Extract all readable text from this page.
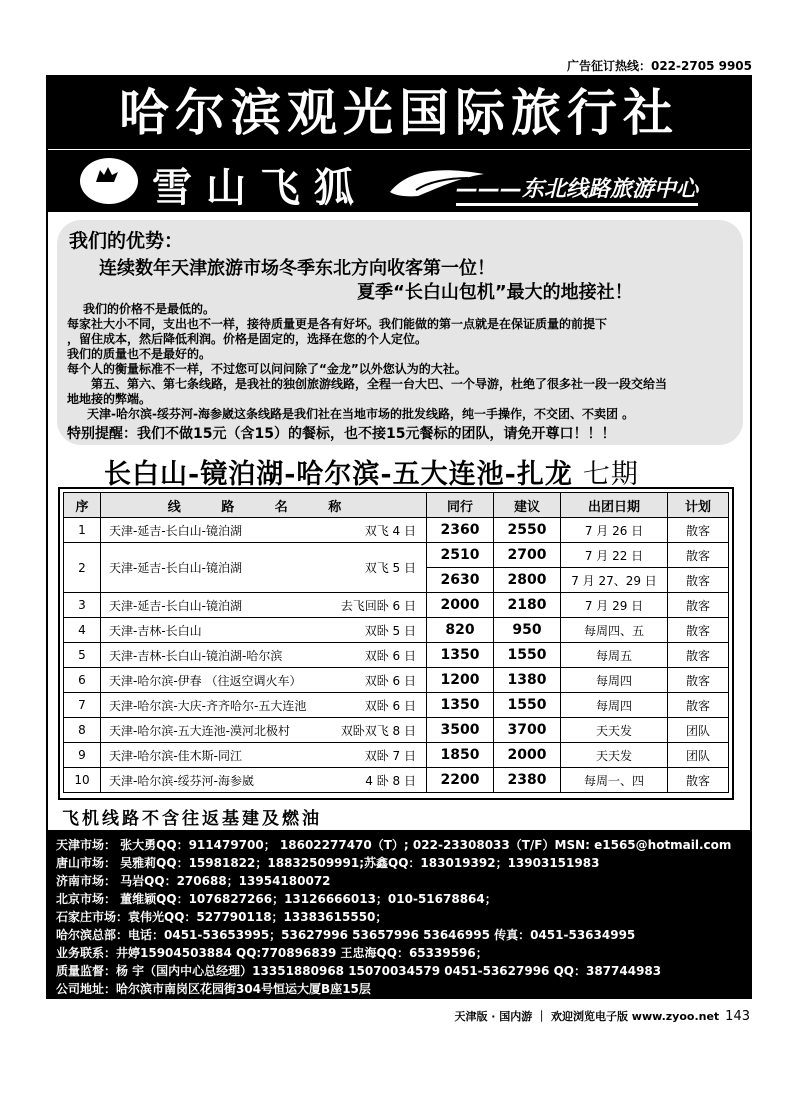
广告征订热线：022-2705 9905
哈尔滨观光国际旅行社
雪山飞狐	———东北线路旅游中心
我们的优势：
连续数年天津旅游市场冬季东北方向收客第一位！
夏季“长白山包机”最大的地接社！
我们的价格不是最低的。
每家社大小不同，支出也不一样，接待质量更是各有好坏。我们能做的第一点就是在保证质量的前提下
，留住成本，然后降低利润。价格是固定的，选择在您的个人定位。
我们的质量也不是最好的。
每个人的衡量标准不一样，不过您可以问问除了“金龙”以外您认为的大社。
第五、第六、第七条线路，是我社的独创旅游线路，全程一台大巴、一个导游，杜绝了很多社一段一段交给当
地地接的弊端。
天津-哈尔滨-绥芬河-海参崴这条线路是我们社在当地市场的批发线路，纯一手操作，不交团、不卖团 。
特别提醒：我们不做15元（含15）的餐标，也不接15元餐标的团队，请免开尊口！！！
长白山-镜泊湖-哈尔滨-五大连池-扎龙 七期
序	线 路 名 称	同行	建议	出团日期	计划
1	天津-延吉-长白山-镜泊湖 双飞 4 日	2360	2550	7 月 26 日	散客
2	天津-延吉-长白山-镜泊湖 双飞 5 日	2510	2700	7 月 22 日	散客
		2630	2800	7 月 27、29 日	散客
3	天津-延吉-长白山-镜泊湖 去飞回卧 6 日	2000	2180	7 月 29 日	散客
4	天津-吉林-长白山 双卧 5 日	820	950	每周四、五	散客
5	天津-吉林-长白山-镜泊湖-哈尔滨 双卧 6 日	1350	1550	每周五	散客
6	天津-哈尔滨-伊春 （往返空调火车） 双卧 6 日	1200	1380	每周四	散客
7	天津-哈尔滨-大庆-齐齐哈尔-五大连池 双卧 6 日	1350	1550	每周四	散客
8	天津-哈尔滨-五大连池-漠河北极村 双卧双飞 8 日	3500	3700	天天发	团队
9	天津-哈尔滨-佳木斯-同江 双卧 7 日	1850	2000	天天发	团队
10	天津-哈尔滨-绥芬河-海参崴 4 卧 8 日	2200	2380	每周一、四	散客
飞机线路不含往返基建及燃油
天津市场： 张大勇QQ：911479700； 18602277470（T）; 022-23308033（T/F）MSN: e1565@hotmail.com
唐山市场： 吴雅莉QQ：15981822；18832509991;苏鑫QQ：183019392；13903151983
济南市场： 马岩QQ：270688；13954180072
北京市场： 董维颖QQ：1076827266；13126666013；010-51678864；
石家庄市场：袁伟光QQ：527790118；13383615550；
哈尔滨总部：电话：0451-53653995；53627996 53657996 53646995 传真：0451-53634995
业务联系：井婷15904503884 QQ:770896839 王忠海QQ：65339596；
质量监督：杨 宇（国内中心总经理）13351880968 15070034579 0451-53627996 QQ：387744983
公司地址：哈尔滨市南岗区花园街304号恒运大厦B座15层
天津版 · 国内游 ｜ 欢迎浏览电子版 www.zyoo.net 143
